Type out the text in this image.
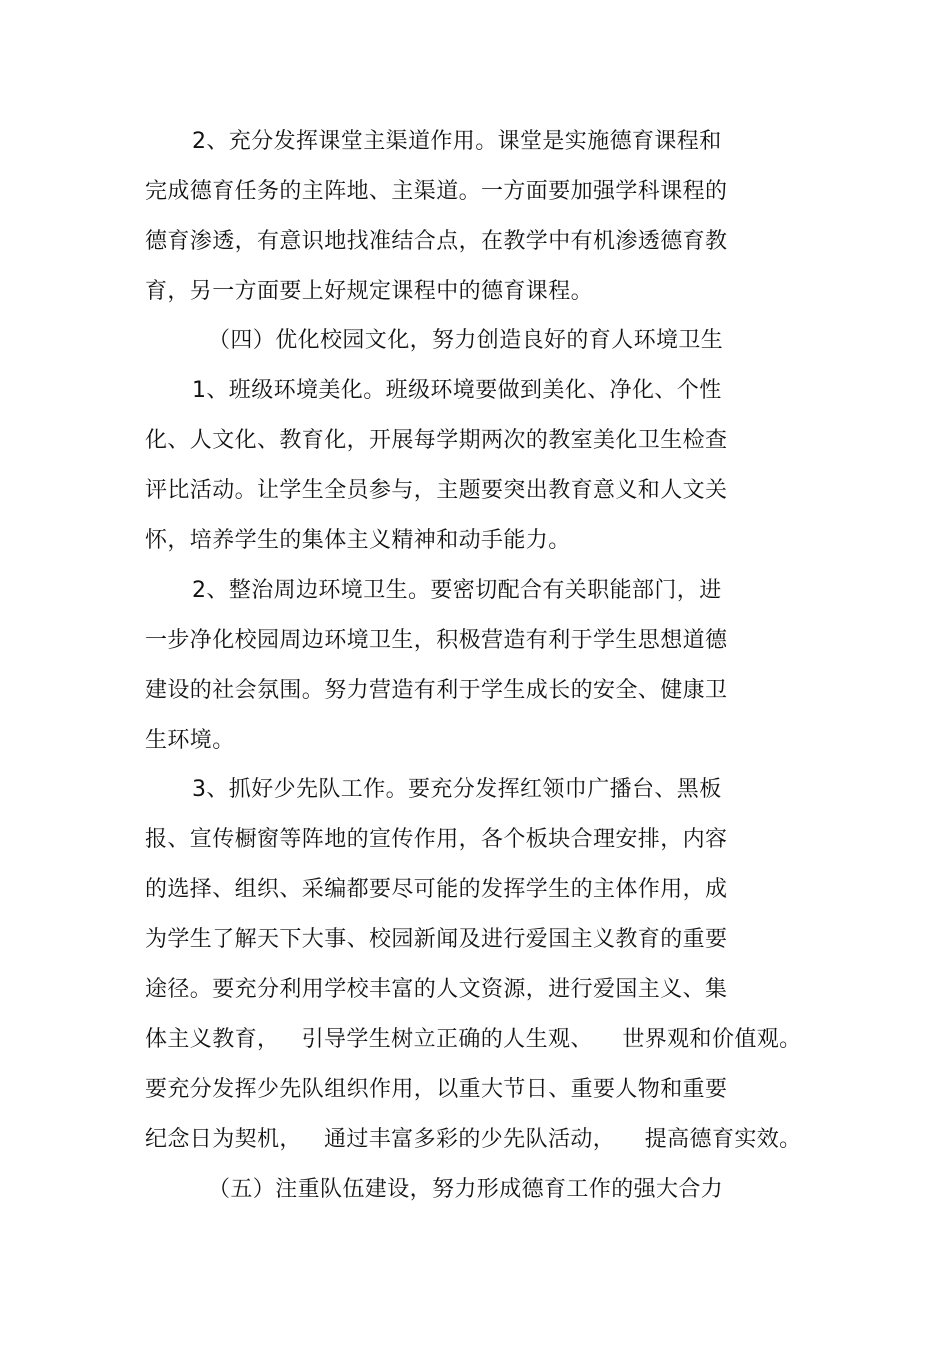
2、充分发挥课堂主渠道作用。课堂是实施德育课程和
完成德育任务的主阵地、主渠道。一方面要加强学科课程的
德育渗透，有意识地找准结合点，在教学中有机渗透德育教
育，另一方面要上好规定课程中的德育课程。
（四）优化校园文化，努力创造良好的育人环境卫生
1、班级环境美化。班级环境要做到美化、净化、个性
化、人文化、教育化，开展每学期两次的教室美化卫生检查
评比活动。让学生全员参与，主题要突出教育意义和人文关
怀，培养学生的集体主义精神和动手能力。
2、整治周边环境卫生。要密切配合有关职能部门，进
一步净化校园周边环境卫生，积极营造有利于学生思想道德
建设的社会氛围。努力营造有利于学生成长的安全、健康卫
生环境。
3、抓好少先队工作。要充分发挥红领巾广播台、黑板
报、宣传橱窗等阵地的宣传作用，各个板块合理安排，内容
的选择、组织、采编都要尽可能的发挥学生的主体作用，成
为学生了解天下大事、校园新闻及进行爱国主义教育的重要
途径。要充分利用学校丰富的人文资源，进行爱国主义、集
体主义教育，   引导学生树立正确的人生观、    世界观和价值观。
要充分发挥少先队组织作用，以重大节日、重要人物和重要
纪念日为契机，   通过丰富多彩的少先队活动，    提高德育实效。
（五）注重队伍建设，努力形成德育工作的强大合力
